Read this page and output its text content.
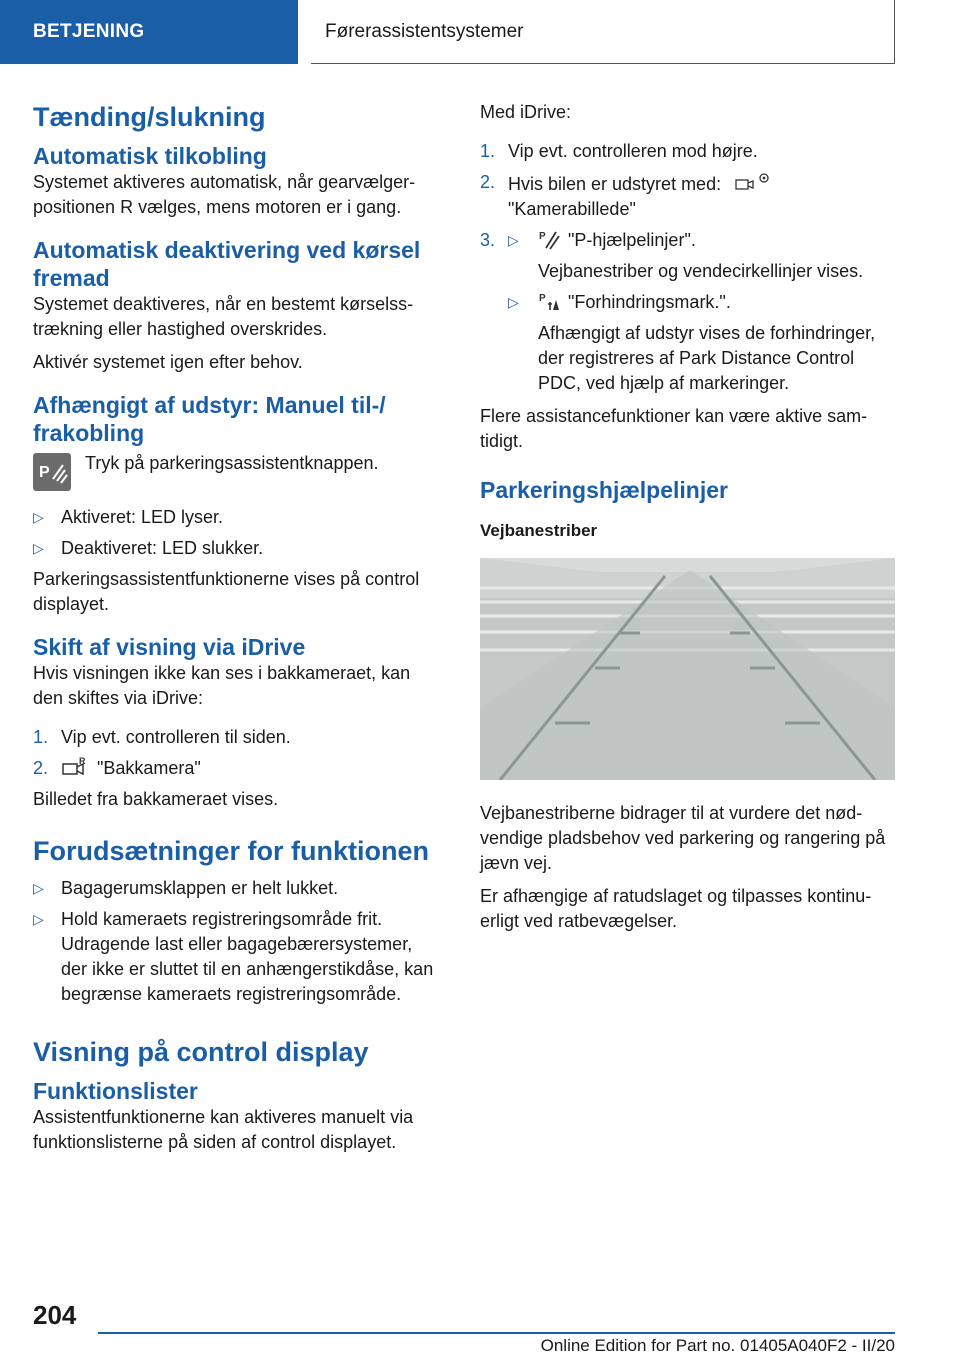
BETJENING	Førerassistentsystemer
Tænding/slukning
Automatisk tilkobling

Systemet aktiveres automatisk, når gearvælgerpositionen R vælges, mens motoren er i gang.

Automatisk deaktivering ved kørsel fremad

Systemet deaktiveres, når en bestemt kørselsstrækning eller hastighed overskrides.

Aktivér systemet igen efter behov.

Afhængigt af udstyr: Manuel til‐/ frakobling
P	Tryk på parkeringsassistentknappen.

▷ Aktiveret: LED lyser.
▷ Deaktiveret: LED slukker.

Parkeringsassistentfunktionerne vises på control displayet.

Skift af visning via iDrive

Hvis visningen ikke kan ses i bakkameraet, kan den skiftes via iDrive:

1. Vip evt. controlleren til siden.
2.	R "Bakkamera"

Billedet fra bakkameraet vises.

Forudsætninger for funktionen
▷ Bagagerumsklappen er helt lukket.
▷ Hold kameraets registreringsområde frit. Udragende last eller bagagebærersystemer, der ikke er sluttet til en anhængerstikdåse, kan begrænse kameraets registreringsområde.
Visning på control display
Funktionslister

Assistentfunktionerne kan aktiveres manuelt via funktionslisterne på siden af control displayet.

Med iDrive:

1. Vip evt. controlleren mod højre.
2. Hvis bilen er udstyret med:
"Kamerabillede"
3. ▷	P "P-hjælpelinjer".

Vejbanestriber og vendecirkellinjer vises.

▷	P "Forhindringsmark.".

Afhængigt af udstyr vises de forhindringer, der registreres af Park Distance Control PDC, ved hjælp af markeringer.

Flere assistancefunktioner kan være aktive samtidigt.

Parkeringshjælpelinjer
Vejbanestriber

Vejbanestriberne bidrager til at vurdere det nødvendige pladsbehov ved parkering og rangering på jævn vej.

Er afhængige af ratudslaget og tilpasses kontinuerligt ved ratbevægelser.

204
Online Edition for Part no. 01405A040F2 - II/20
